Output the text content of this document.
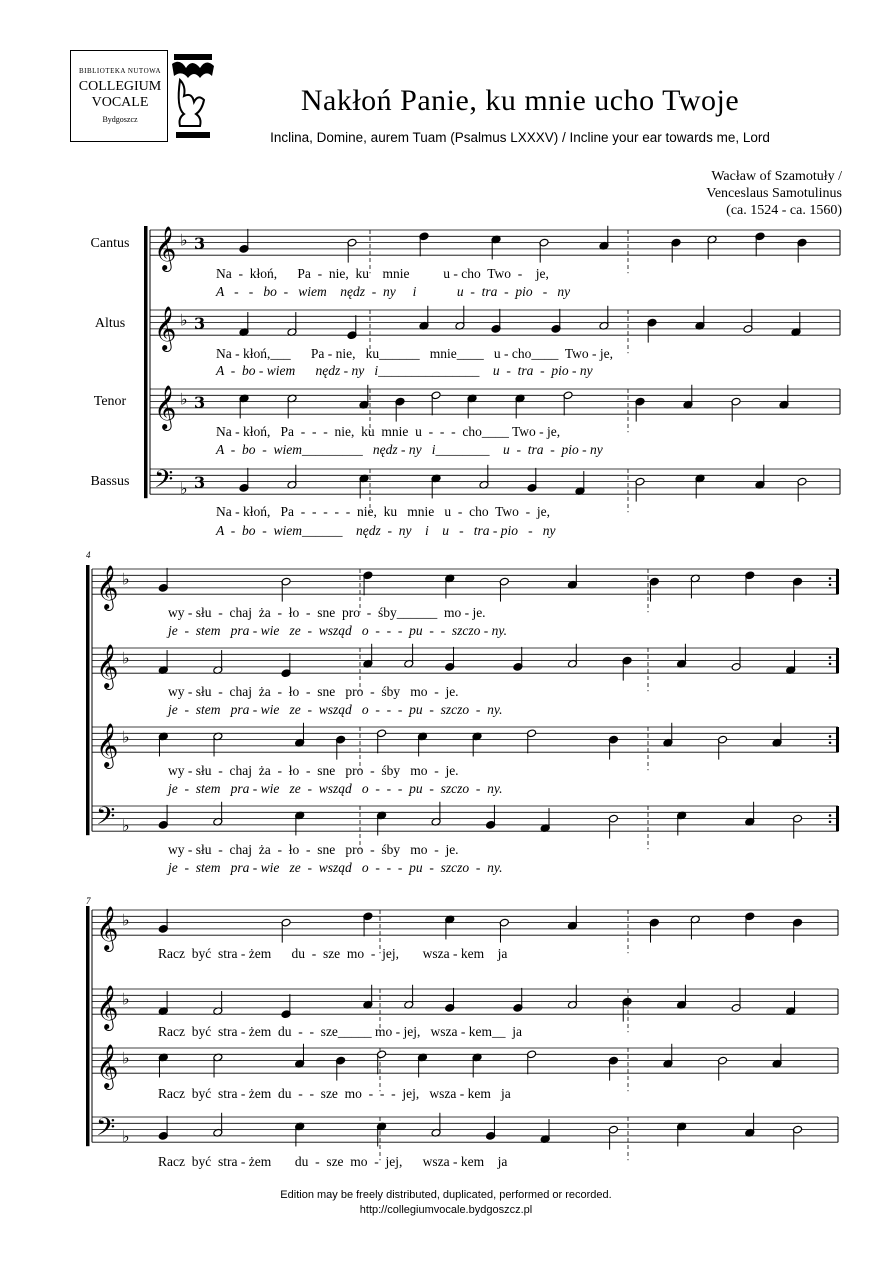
BIBLIOTEKA NUTOWA
COLLEGIUM
VOCALE
Bydgoszcz
Nakłoń Panie, ku mnie ucho Twoje
Inclina, Domine, aurem Tuam (Psalmus LXXXV) / Incline your ear towards me, Lord
Wacław of Szamotuły /
Venceslaus Samotulinus
(ca. 1524 - ca. 1560)
Cantus
Altus
Tenor
Bassus
𝄞 ♭ 3
𝄞 ♭ 3
𝄞 ♭ 3
𝄢 ♭ 3
𝄞 ♭
𝄞 ♭
𝄞 ♭
𝄢 ♭
𝄞 ♭
𝄞 ♭
𝄞 ♭
𝄢 ♭
4
7
Na  -  kłoń,      Pa  -  nie,  ku    mnie          u - cho  Two  -    je,
A   -   -   bo  -   wiem    nędz  -  ny     i            u  -  tra  -  pio   -   ny
Na - kłoń,___      Pa - nie,   ku______   mnie____   u - cho____  Two - je,
A  -  bo - wiem      nędz - ny   i_______________    u  -  tra  -  pio - ny
Na - kłoń,   Pa  -  -  -  nie,  ku  mnie  u  -  -  -  cho____ Two - je,
A  -  bo  -  wiem_________   nędz - ny   i________    u  -  tra  -  pio - ny
Na - kłoń,   Pa  -  -  -  -  -  nie,  ku   mnie   u  -  cho  Two  -  je,
A  -  bo  -  wiem______    nędz  -  ny    i    u   -   tra - pio   -   ny
wy - słu  -  chaj  ża  -  ło  -  sne  pro  -  śby______  mo - je.
je  -  stem   pra - wie   ze  -  wsząd   o  -  -  -  pu  -  -  szczo - ny.
wy - słu  -  chaj  ża  -  ło  -  sne   pro  -  śby   mo  -  je.
je  -  stem   pra - wie   ze  -  wsząd   o  -  -  -  pu  -  szczo  -  ny.
wy - słu  -  chaj  ża  -  ło  -  sne   pro  -  śby   mo  -  je.
je  -  stem   pra - wie   ze  -  wsząd   o  -  -  -  pu  -  szczo  -  ny.
wy - słu  -  chaj  ża  -  ło  -  sne   pro  -  śby   mo  -  je.
je  -  stem   pra - wie   ze  -  wsząd   o  -  -  -  pu  -  szczo  -  ny.
Racz  być  stra - żem      du  -  sze  mo  -  jej,       wsza - kem    ja
Racz  być  stra - żem  du  -  -  sze_____ mo - jej,   wsza - kem__  ja
Racz  być  stra - żem  du  -  -  sze  mo  -  -  -  jej,   wsza - kem   ja
Racz  być  stra - żem       du  -  sze  mo  -  jej,      wsza - kem    ja
Edition may be freely distributed, duplicated, performed or recorded.
http://collegiumvocale.bydgoszcz.pl
